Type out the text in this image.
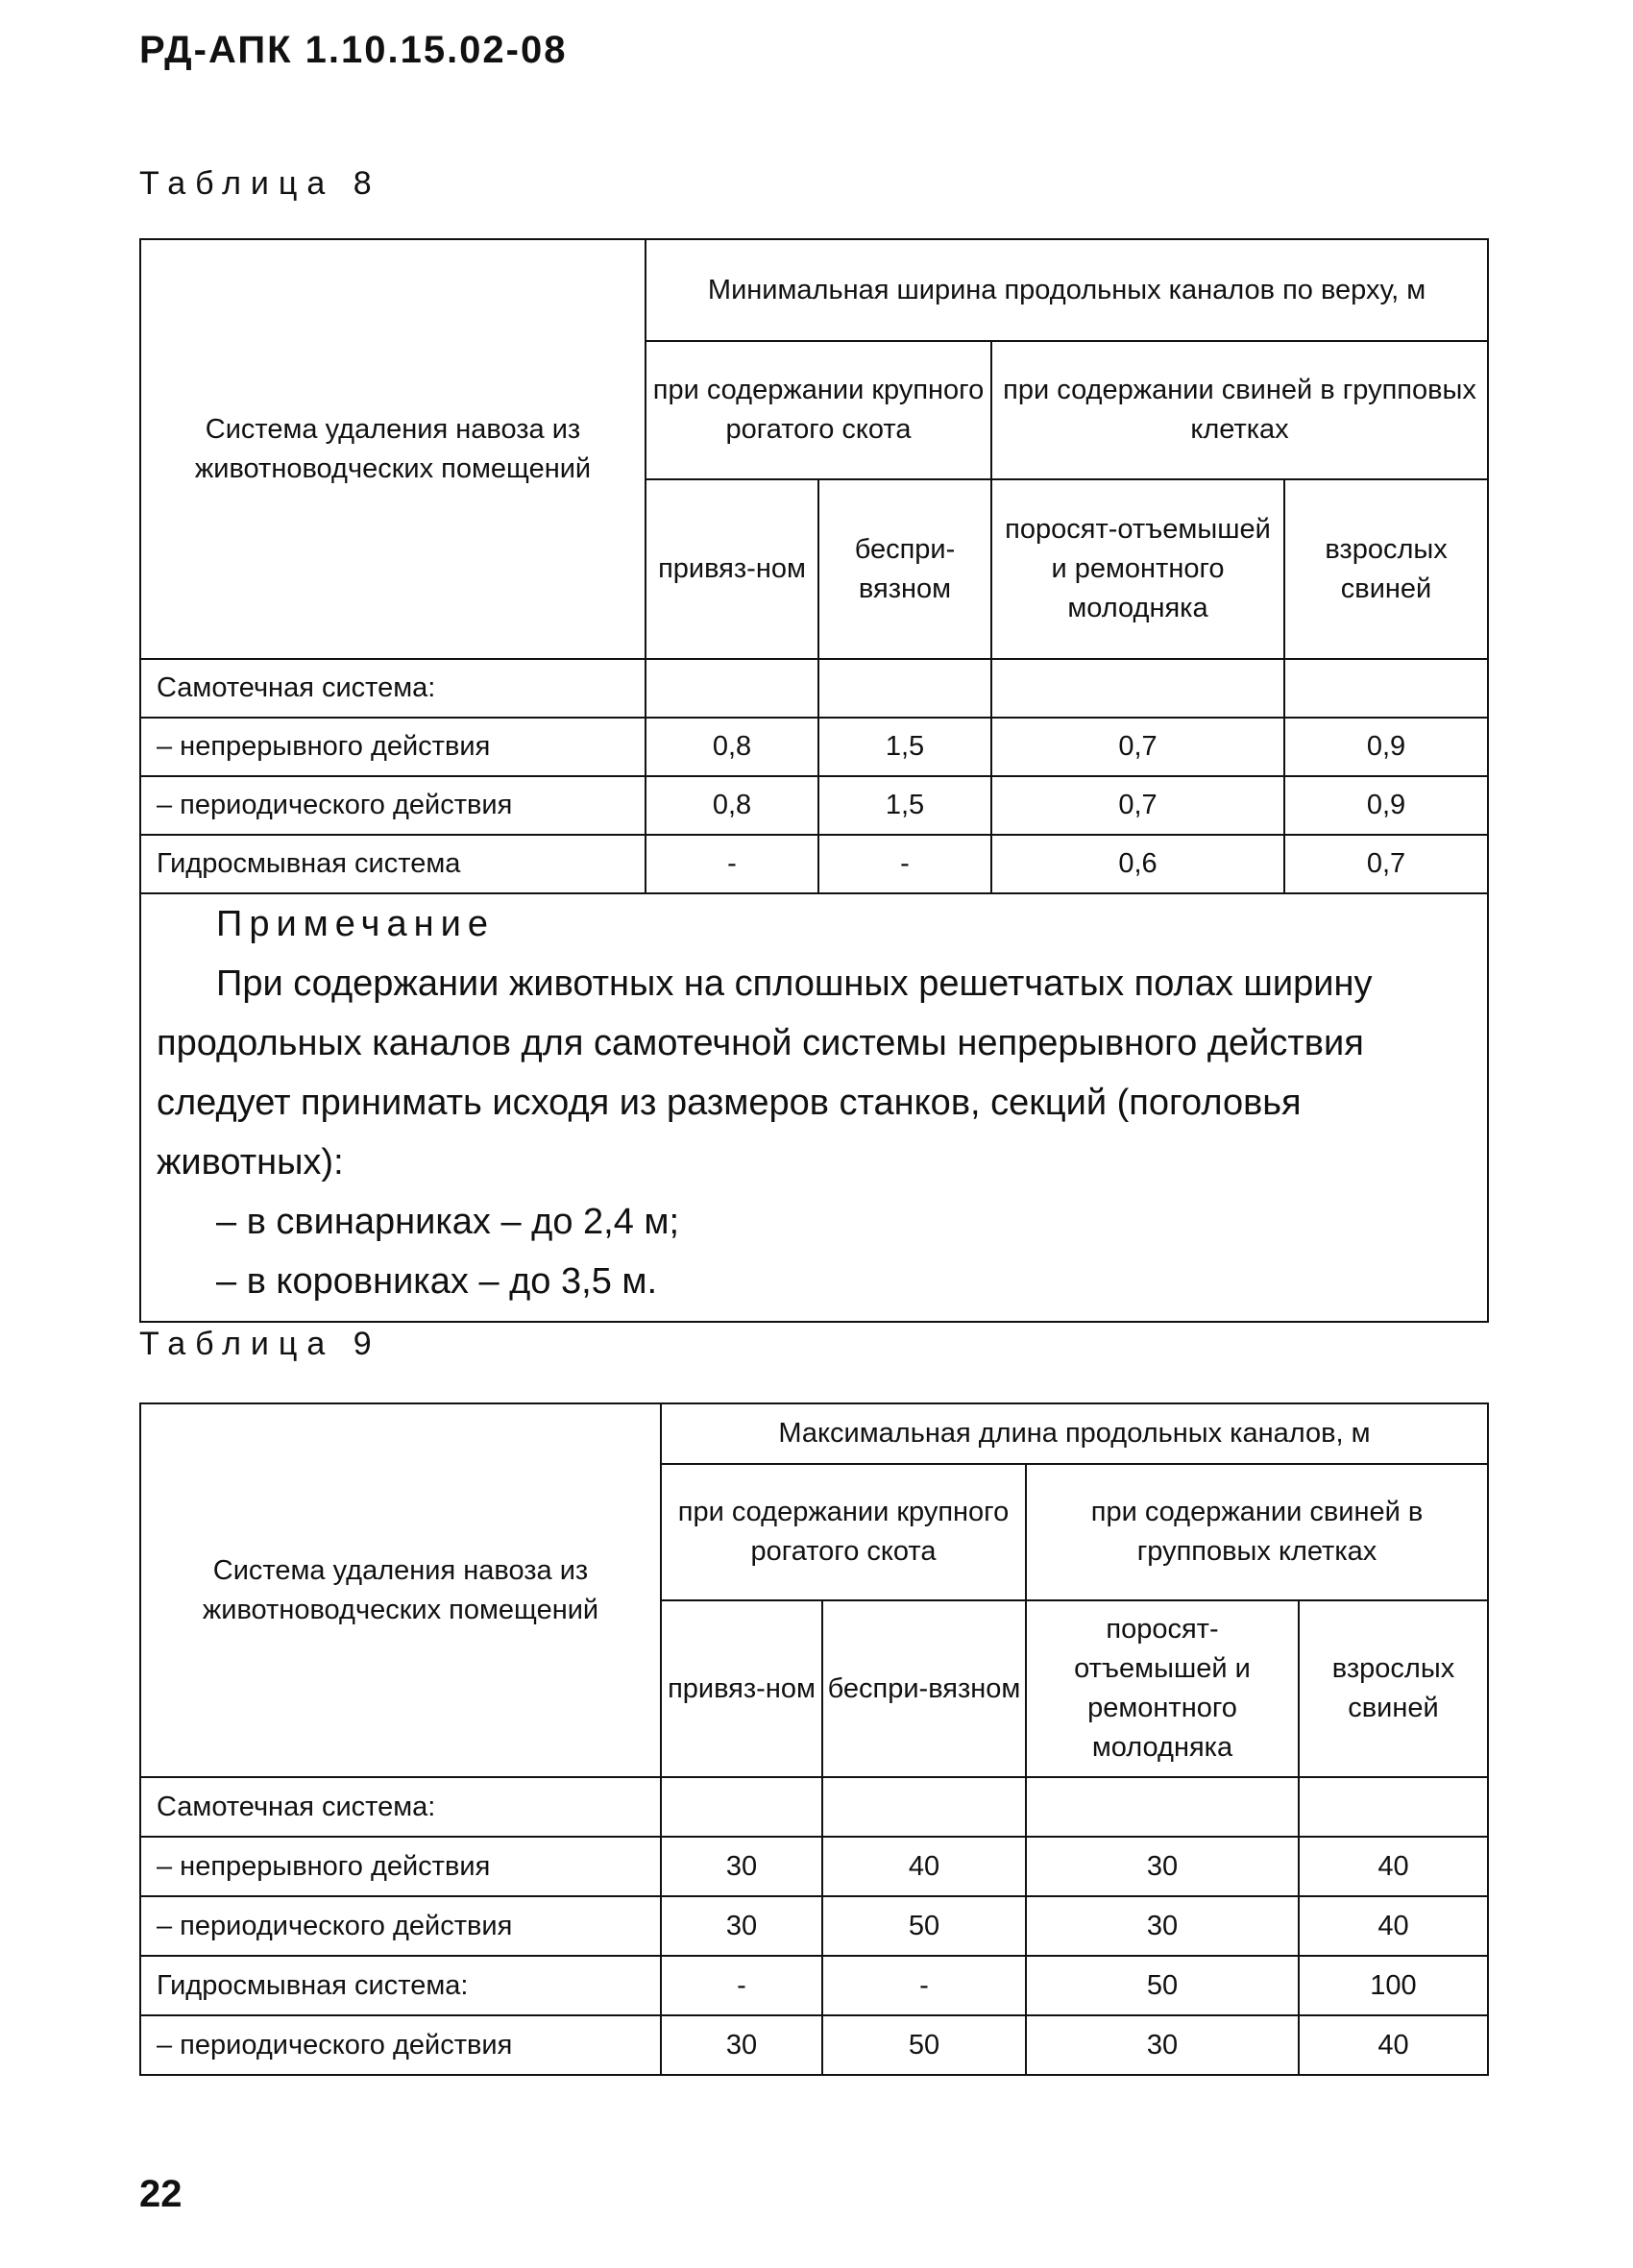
РД-АПК 1.10.15.02-08
Таблица 8
Система удаления навоза из животноводческих помещений	Минимальная ширина продольных каналов по верху, м			
	при содержании крупного рогатого скота		при содержании свиней в групповых клетках	
	привяз-ном	беспри-вязном	поросят-отъемышей и ремонтного молодняка	взрослых свиней
Самотечная система:				
– непрерывного действия	0,8	1,5	0,7	0,9
– периодического действия	0,8	1,5	0,7	0,9
Гидросмывная система	-	-	0,6	0,7

Примечание
При содержании животных на сплошных решетчатых полах ширину продольных каналов для самотечной системы непрерывного действия следует принимать исходя из размеров станков, секций (поголовья животных):
– в свинарниках – до 2,4 м;
– в коровниках – до 3,5 м.				
Таблица 9
Система удаления навоза из животноводческих помещений	Максимальная длина продольных каналов, м			
	при содержании крупного рогатого скота		при содержании свиней в групповых клетках	
	привяз-ном	беспри-вязном	поросят-отъемышей и ремонтного молодняка	взрослых свиней
Самотечная система:				
– непрерывного действия	30	40	30	40
– периодического действия	30	50	30	40
Гидросмывная система:	-	-	50	100
– периодического действия	30	50	30	40
22
